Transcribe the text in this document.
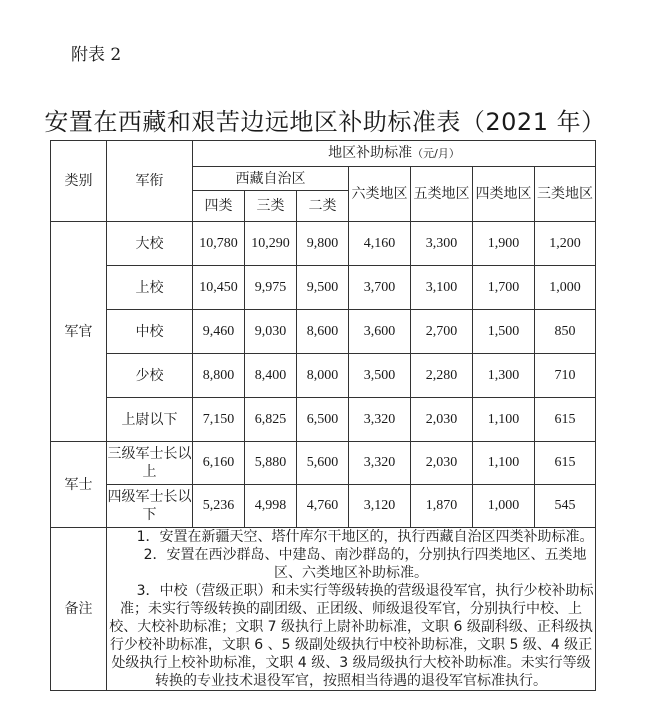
附表 2
安置在西藏和艰苦边远地区补助标准表（2021 年）
类别	军衔	地区补助标准（元/月）						
		西藏自治区			六类地区	五类地区	四类地区	三类地区
		四类	三类	二类				
军官	大校	10,780	10,290	9,800	4,160	3,300	1,900	1,200
	上校	10,450	9,975	9,500	3,700	3,100	1,700	1,000
	中校	9,460	9,030	8,600	3,600	2,700	1,500	850
	少校	8,800	8,400	8,000	3,500	2,280	1,300	710
	上尉以下	7,150	6,825	6,500	3,320	2,030	1,100	615
军士	三级军士长以上	6,160	5,880	5,600	3,320	2,030	1,100	615
	四级军士长以下	5,236	4,998	4,760	3,120	1,870	1,000	545
备注	1．安置在新疆天空、塔什库尔干地区的，执行西藏自治区四类补助标准。

2．安置在西沙群岛、中建岛、南沙群岛的，分别执行四类地区、五类地区、六类地区补助标准。

3．中校（营级正职）和未实行等级转换的营级退役军官，执行少校补助标准；未实行等级转换的副团级、正团级、师级退役军官，分别执行中校、上校、大校补助标准；文职 7 级执行上尉补助标准，文职 6 级副科级、正科级执行少校补助标准，文职 6 、5 级副处级执行中校补助标准，文职 5 级、4 级正处级执行上校补助标准，文职 4 级、3 级局级执行大校补助标准。未实行等级转换的专业技术退役军官，按照相当待遇的退役军官标准执行。							
